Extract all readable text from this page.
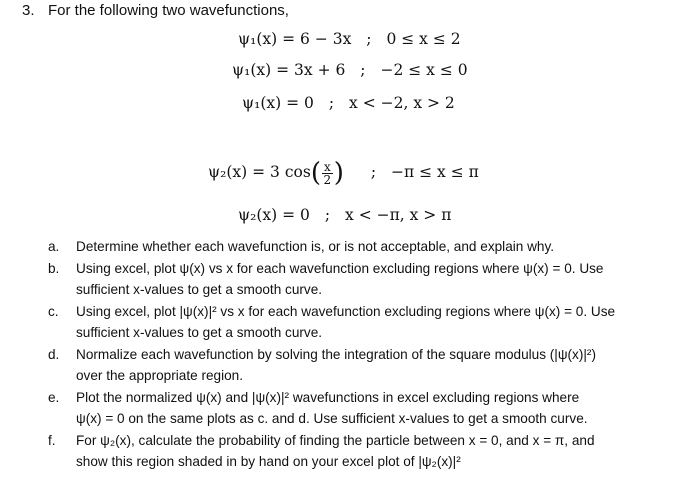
3. For the following two wavefunctions,
ψ₁(x) = 6 − 3x ; 0 ≤ x ≤ 2
ψ₁(x) = 3x + 6 ; −2 ≤ x ≤ 0
ψ₁(x) = 0 ; x < −2, x > 2
ψ₂(x) = 3 $\cos( \frac{x}{2}$ ) ; −π ≤ x ≤ π
ψ₂(x) = 0 ; x < −π, x > π
a. Determine whether each wavefunction is, or is not acceptable, and explain why.
b. Using excel, plot ψ(x) vs x for each wavefunction excluding regions where ψ(x) = 0. Use
sufficient x-values to get a smooth curve.
c. Using excel, plot |ψ(x)|² vs x for each wavefunction excluding regions where ψ(x) = 0. Use
sufficient x-values to get a smooth curve.
d. Normalize each wavefunction by solving the integration of the square modulus (|ψ(x)|²)
over the appropriate region.
e. Plot the normalized ψ(x) and |ψ(x)|² wavefunctions in excel excluding regions where
ψ(x) = 0 on the same plots as c. and d. Use sufficient x-values to get a smooth curve.
f. For ψ₂(x), calculate the probability of finding the particle between x = 0, and x = π, and
show this region shaded in by hand on your excel plot of |ψ₂(x)|²
